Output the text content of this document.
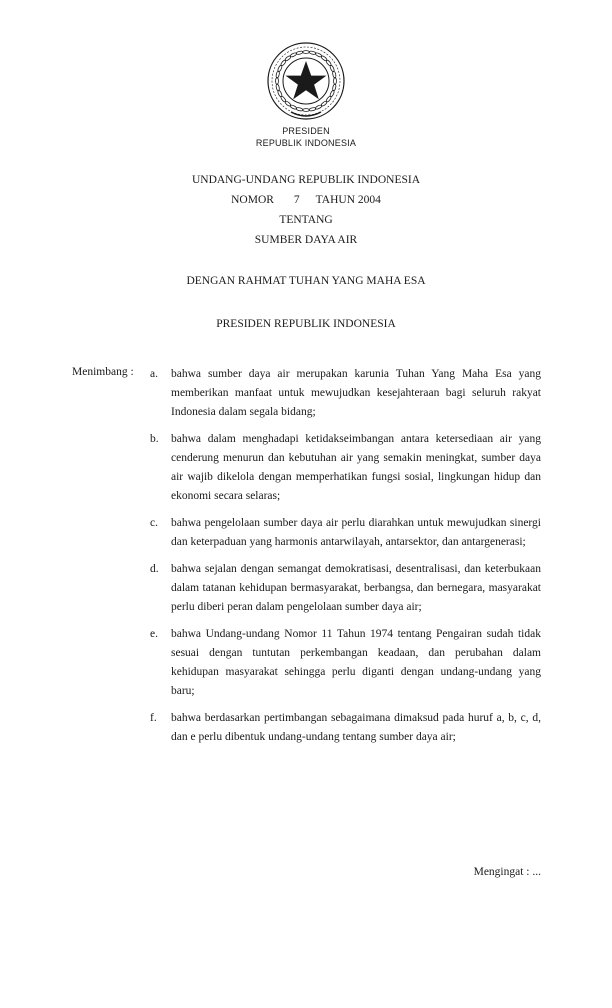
PRESIDEN
REPUBLIK INDONESIA
UNDANG-UNDANG REPUBLIK INDONESIA
NOMOR 7 TAHUN 2004
TENTANG
SUMBER DAYA AIR
DENGAN RAHMAT TUHAN YANG MAHA ESA
PRESIDEN REPUBLIK INDONESIA
Menimbang : a.	bahwa sumber daya air merupakan karunia Tuhan Yang Maha Esa yang memberikan manfaat untuk mewujudkan kesejahteraan bagi seluruh rakyat Indonesia dalam segala bidang;
b.	bahwa dalam menghadapi ketidakseimbangan antara ketersediaan air yang cenderung menurun dan kebutuhan air yang semakin meningkat, sumber daya air wajib dikelola dengan memperhatikan fungsi sosial, lingkungan hidup dan ekonomi secara selaras;
c.	bahwa pengelolaan sumber daya air perlu diarahkan untuk mewujudkan sinergi dan keterpaduan yang harmonis antarwilayah, antarsektor, dan antargenerasi;
d.	bahwa sejalan dengan semangat demokratisasi, desentralisasi, dan keterbukaan dalam tatanan kehidupan bermasyarakat, berbangsa, dan bernegara, masyarakat perlu diberi peran dalam pengelolaan sumber daya air;
e.	bahwa Undang-undang Nomor 11 Tahun 1974 tentang Pengairan sudah tidak sesuai dengan tuntutan perkembangan keadaan, dan perubahan dalam kehidupan masyarakat sehingga perlu diganti dengan undang-undang yang baru;
f.	bahwa berdasarkan pertimbangan sebagaimana dimaksud pada huruf a, b, c, d, dan e perlu dibentuk undang-undang tentang sumber daya air;
Mengingat : ...
